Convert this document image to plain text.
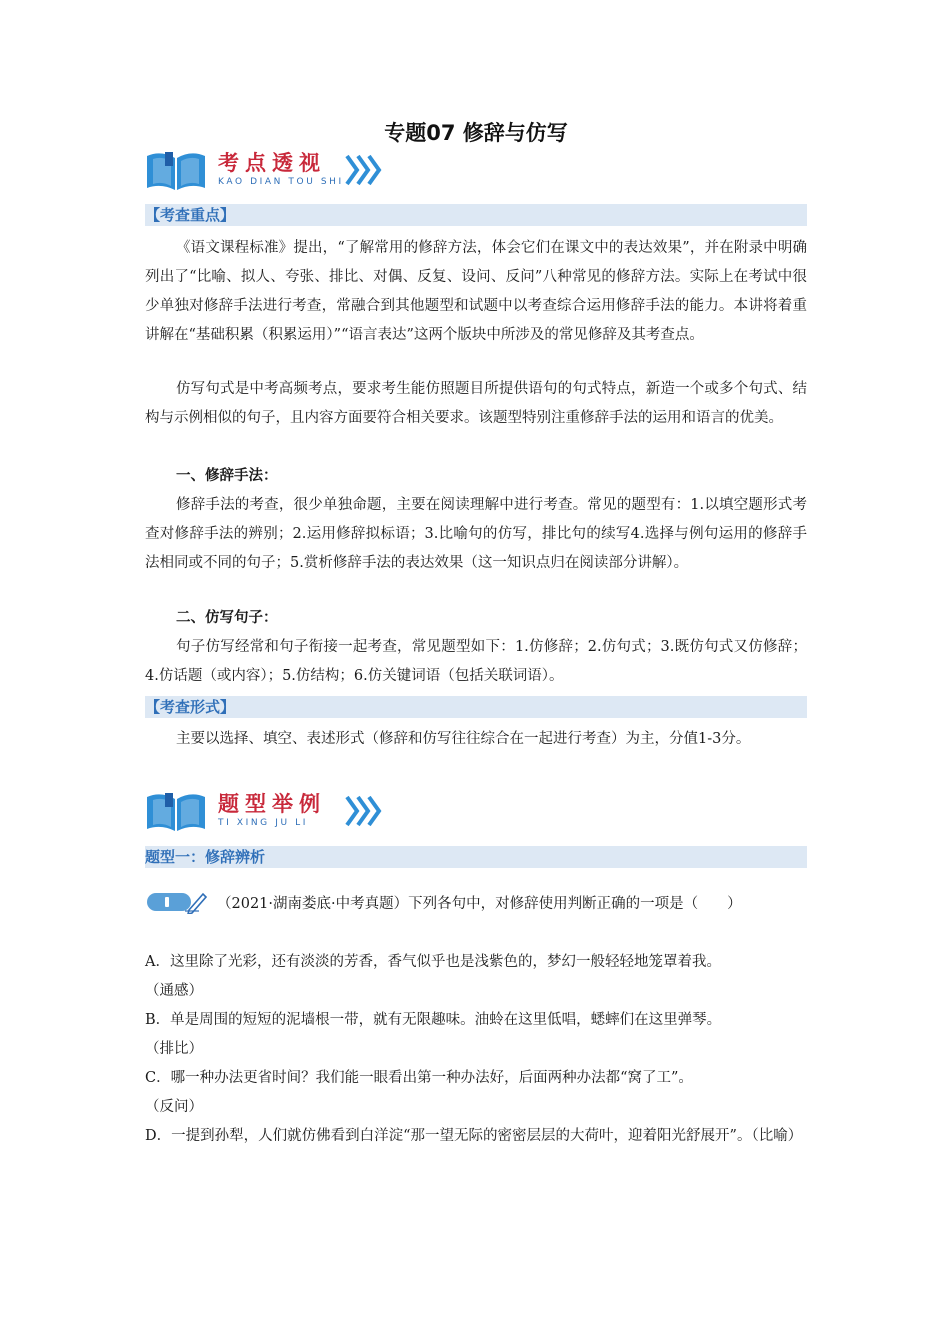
专题07 修辞与仿写
考点透视
KAO DIAN TOU SHI
【考查重点】
《语文课程标准》提出，“了解常用的修辞方法，体会它们在课文中的表达效果”，并在附录中明确列出了“比喻、拟人、夸张、排比、对偶、反复、设问、反问”八种常见的修辞方法。实际上在考试中很少单独对修辞手法进行考查，常融合到其他题型和试题中以考查综合运用修辞手法的能力。本讲将着重讲解在“基础积累（积累运用）”“语言表达”这两个版块中所涉及的常见修辞及其考查点。
仿写句式是中考高频考点，要求考生能仿照题目所提供语句的句式特点，新造一个或多个句式、结构与示例相似的句子，且内容方面要符合相关要求。该题型特别注重修辞手法的运用和语言的优美。
一、修辞手法：
修辞手法的考查，很少单独命题，主要在阅读理解中进行考查。常见的题型有：1.以填空题形式考查对修辞手法的辨别；2.运用修辞拟标语；3.比喻句的仿写，排比句的续写4.选择与例句运用的修辞手法相同或不同的句子；5.赏析修辞手法的表达效果（这一知识点归在阅读部分讲解）。
二、仿写句子：
句子仿写经常和句子衔接一起考查，常见题型如下：1.仿修辞；2.仿句式；3.既仿句式又仿修辞；4.仿话题（或内容）；5.仿结构；6.仿关键词语（包括关联词语）。
【考查形式】
主要以选择、填空、表述形式（修辞和仿写往往综合在一起进行考查）为主，分值1-3分。
题型举例
TI XING JU LI
题型一：修辞辨析
（2021·湖南娄底·中考真题）下列各句中，对修辞使用判断正确的一项是（　　）
A．这里除了光彩，还有淡淡的芳香，香气似乎也是浅紫色的，梦幻一般轻轻地笼罩着我。
（通感）
B．单是周围的短短的泥墙根一带，就有无限趣味。油蛉在这里低唱，蟋蟀们在这里弹琴。
（排比）
C．哪一种办法更省时间？我们能一眼看出第一种办法好，后面两种办法都“窝了工”。
（反问）
D．一提到孙犁，人们就仿佛看到白洋淀“那一望无际的密密层层的大荷叶，迎着阳光舒展开”。（比喻）
